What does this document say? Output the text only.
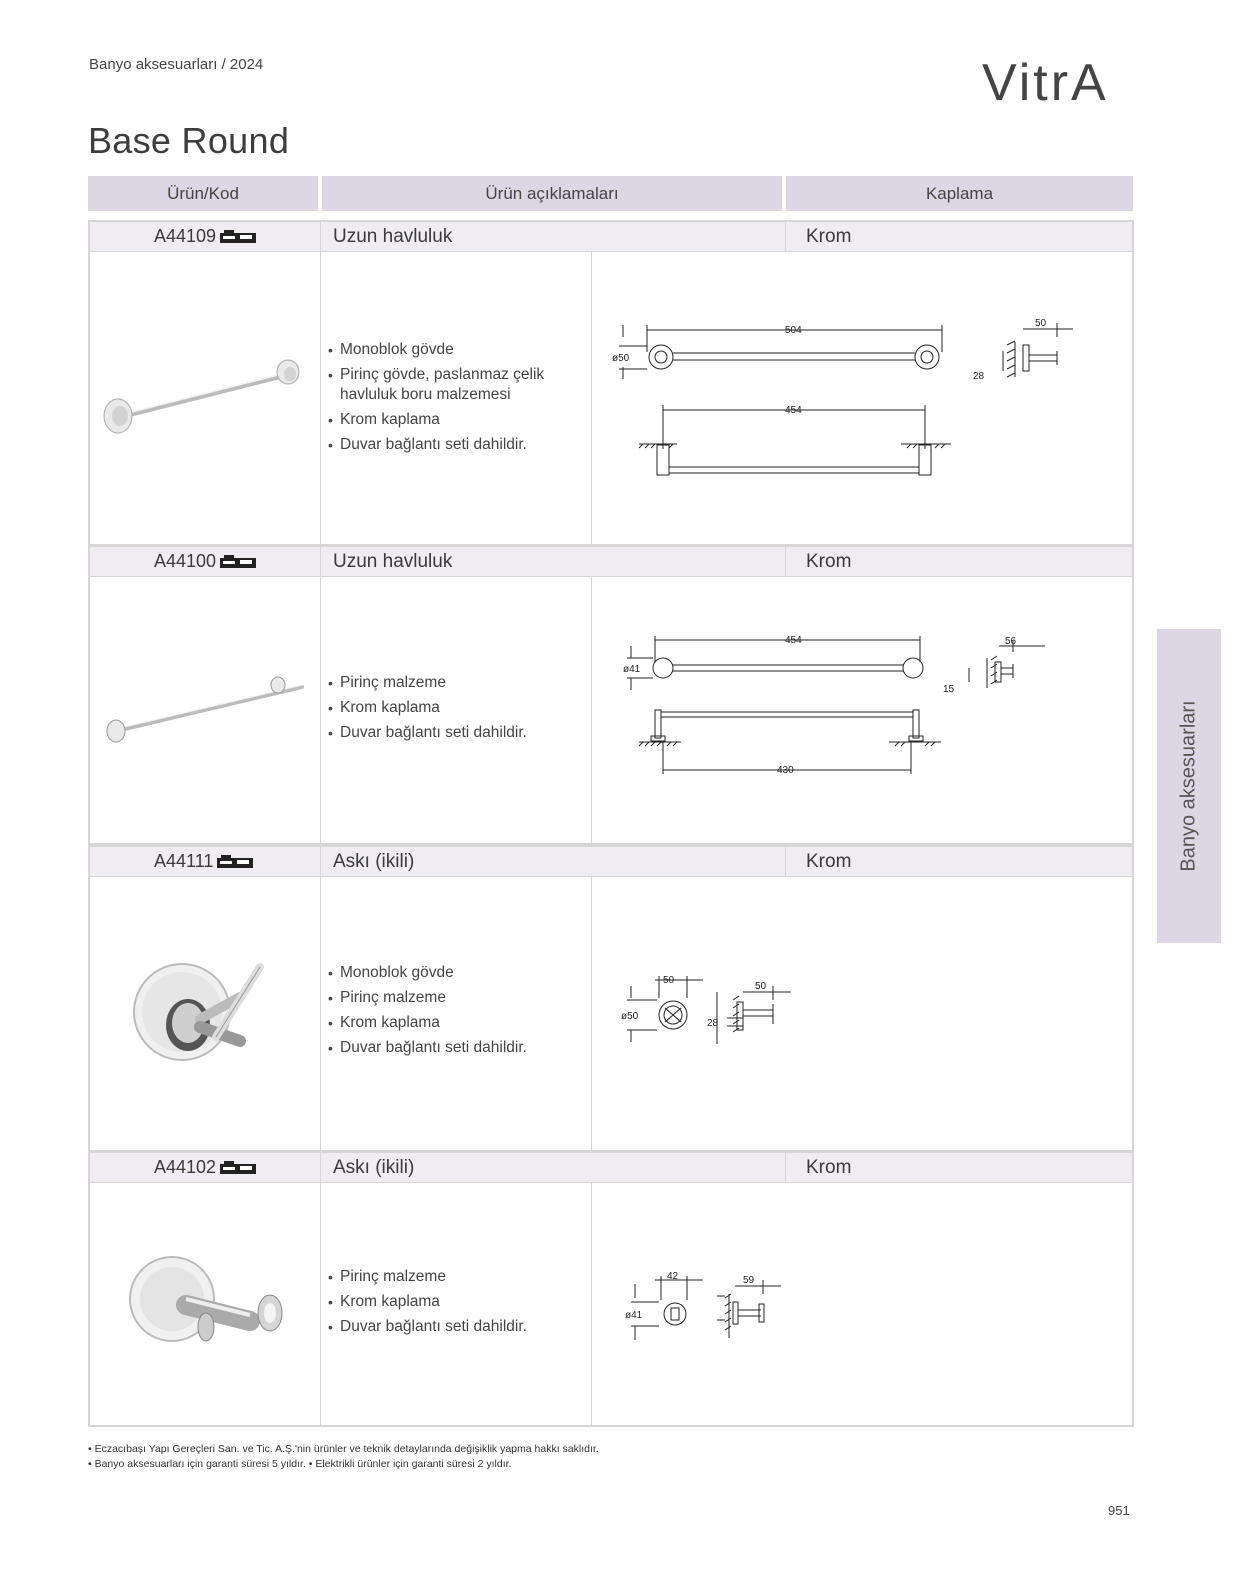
Banyo aksesuarları / 2024	VitrA
Base Round
Ürün/Kod	Ürün açıklamaları	Kaplama
A44109	Uzun havluluk	Krom
• Monoblok gövde
• Pirinç gövde, paslanmaz çelik havluluk boru malzemesi
• Krom kaplama
• Duvar bağlantı seti dahildir.
504
ø50
454
50
28
A44100	Uzun havluluk	Krom
• Pirinç malzeme
• Krom kaplama
• Duvar bağlantı seti dahildir.
454
ø41
430
56
15
A44111	Askı (ikili)	Krom
• Monoblok gövde
• Pirinç malzeme
• Krom kaplama
• Duvar bağlantı seti dahildir.
50
ø50
50
28
A44102	Askı (ikili)	Krom
• Pirinç malzeme
• Krom kaplama
• Duvar bağlantı seti dahildir.
42
ø41
59
• Eczacıbaşı Yapı Gereçleri San. ve Tic. A.Ş.'nin ürünler ve teknik detaylarında değişiklik yapma hakkı saklıdır.
• Banyo aksesuarları için garanti süresi 5 yıldır. • Elektrikli ürünler için garanti süresi 2 yıldır.
Banyo aksesuarları
951
